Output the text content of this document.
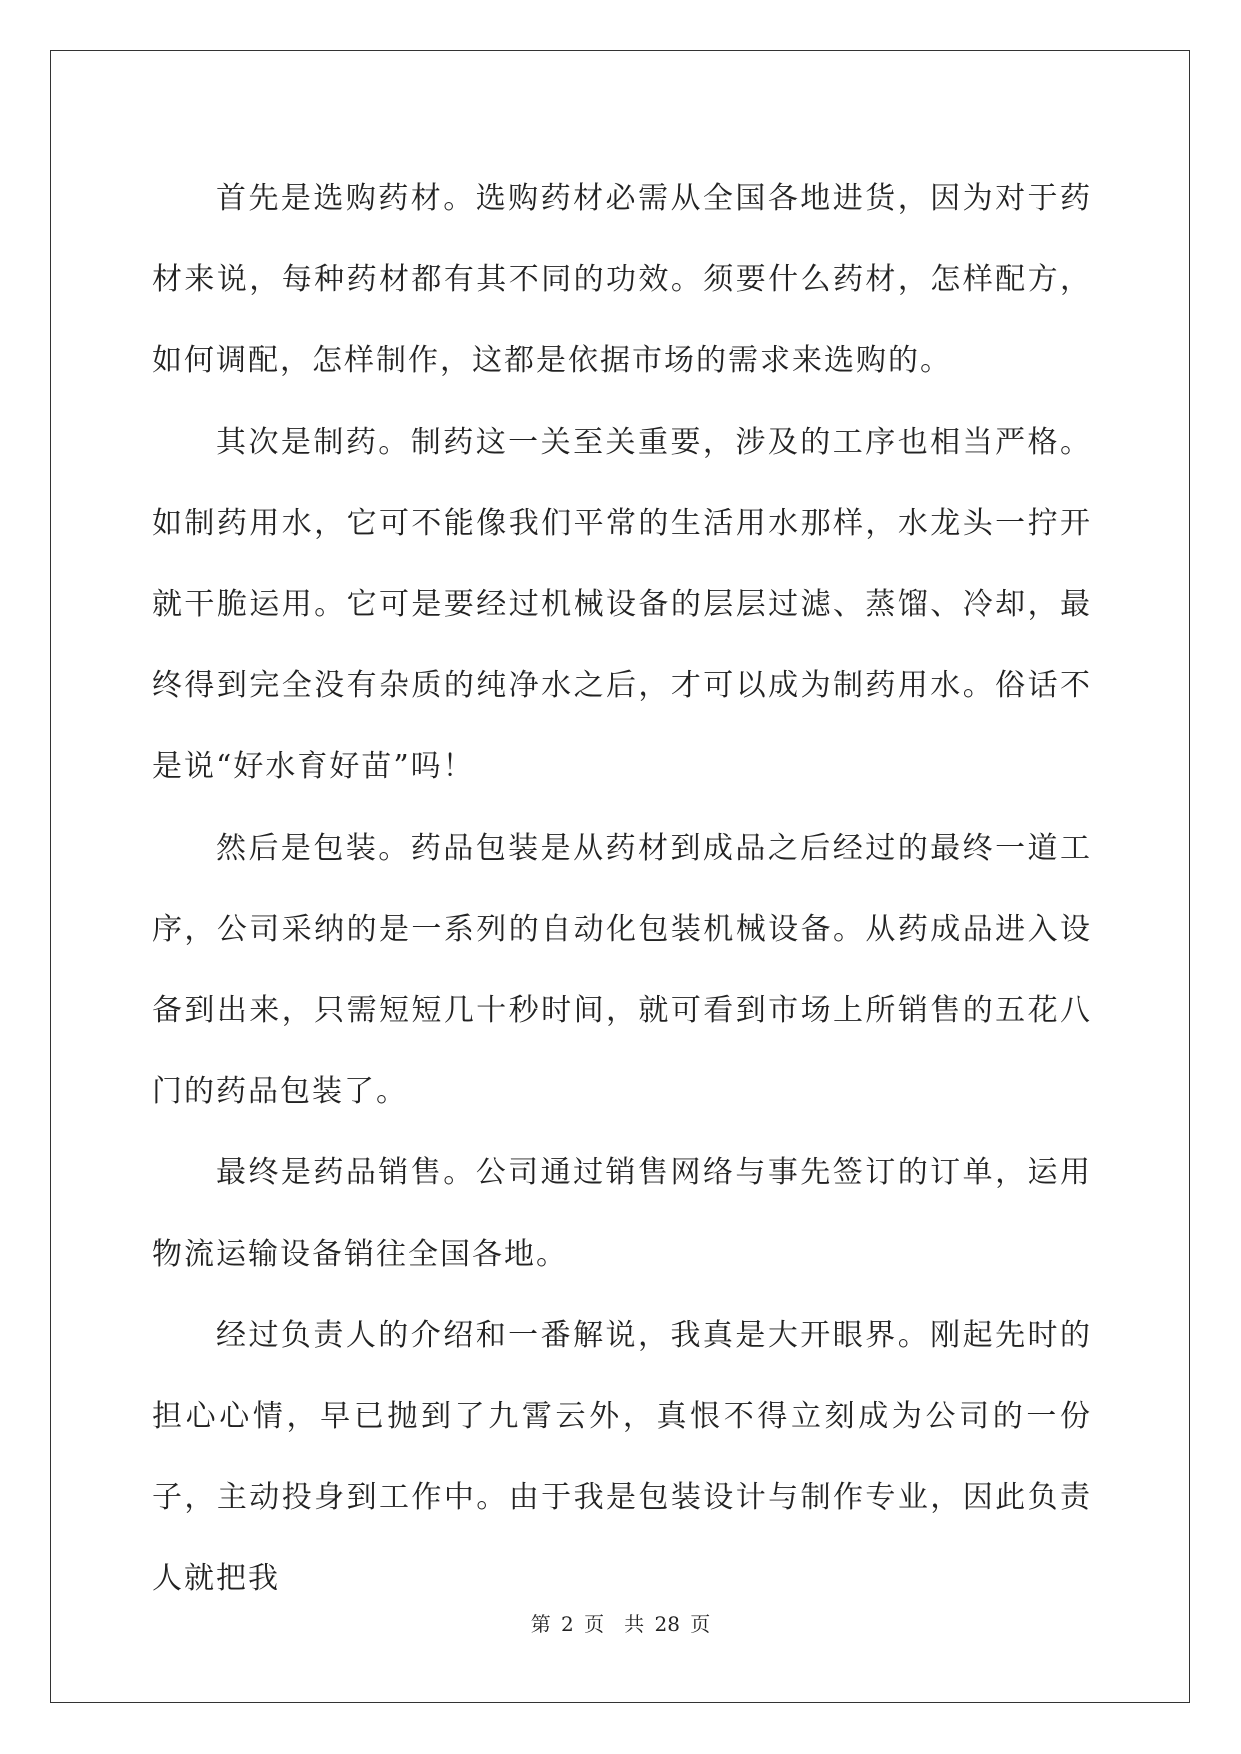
首先是选购药材。选购药材必需从全国各地进货，因为对于药材来说，每种药材都有其不同的功效。须要什么药材，怎样配方，如何调配，怎样制作，这都是依据市场的需求来选购的。

其次是制药。制药这一关至关重要，涉及的工序也相当严格。如制药用水，它可不能像我们平常的生活用水那样，水龙头一拧开就干脆运用。它可是要经过机械设备的层层过滤、蒸馏、冷却，最终得到完全没有杂质的纯净水之后，才可以成为制药用水。俗话不是说“好水育好苗”吗！

然后是包装。药品包装是从药材到成品之后经过的最终一道工序，公司采纳的是一系列的自动化包装机械设备。从药成品进入设备到出来，只需短短几十秒时间，就可看到市场上所销售的五花八门的药品包装了。

最终是药品销售。公司通过销售网络与事先签订的订单，运用物流运输设备销往全国各地。

经过负责人的介绍和一番解说，我真是大开眼界。刚起先时的担心心情，早已抛到了九霄云外，真恨不得立刻成为公司的一份子，主动投身到工作中。由于我是包装设计与制作专业，因此负责人就把我

第 2 页　共 28 页
